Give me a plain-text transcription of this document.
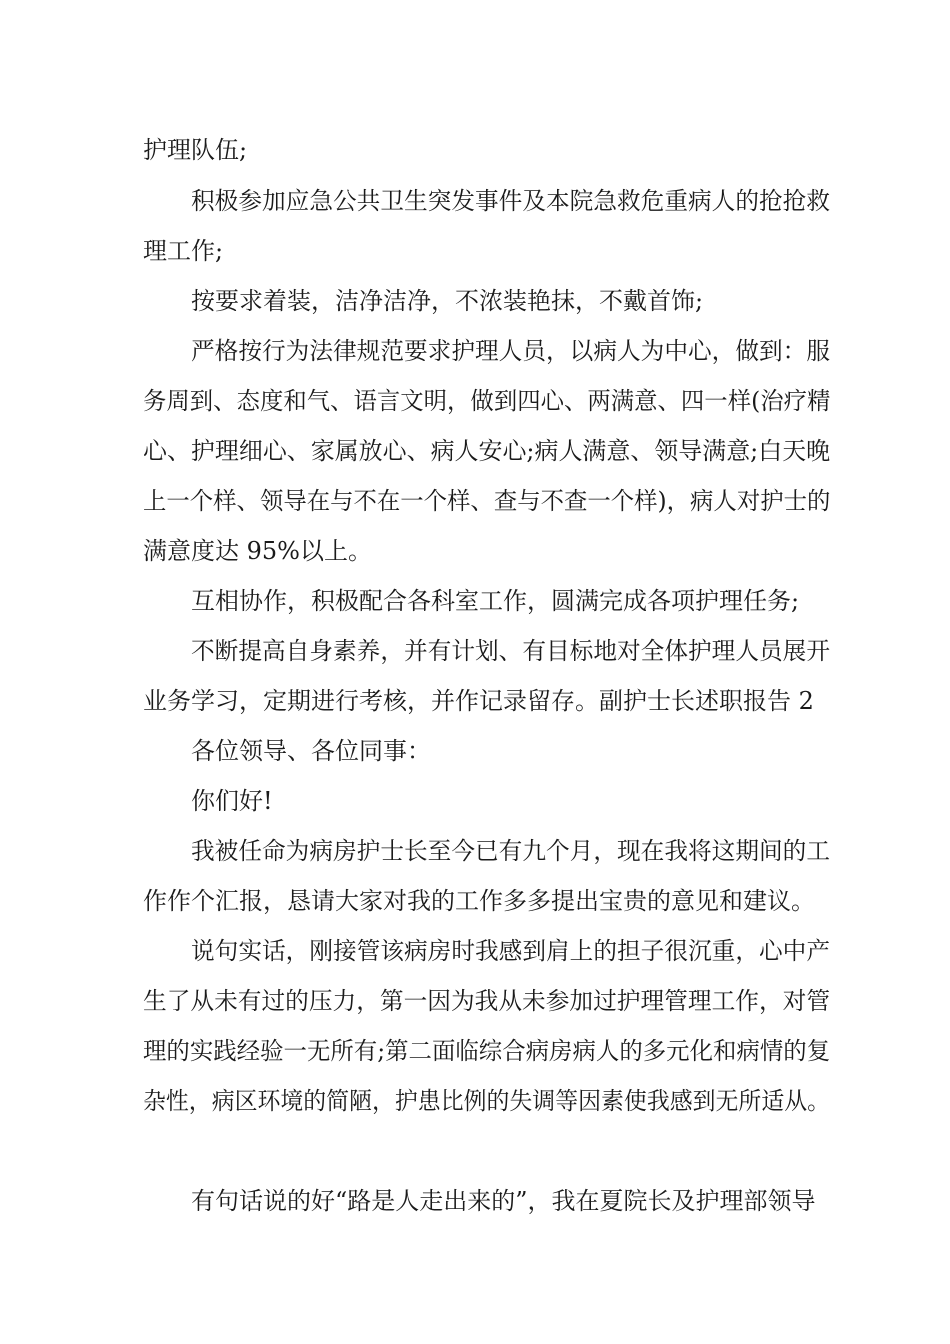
护理队伍;
积极参加应急公共卫生突发事件及本院急救危重病人的抢抢救
理工作;
按要求着装，洁净洁净，不浓装艳抹，不戴首饰;
严格按行为法律规范要求护理人员，以病人为中心，做到：服
务周到、态度和气、语言文明，做到四心、两满意、四一样(治疗精
心、护理细心、家属放心、病人安心;病人满意、领导满意;白天晚
上一个样、领导在与不在一个样、查与不查一个样)，病人对护士的
满意度达 95%以上。
互相协作，积极配合各科室工作，圆满完成各项护理任务;
不断提高自身素养，并有计划、有目标地对全体护理人员展开
业务学习，定期进行考核，并作记录留存。副护士长述职报告 2
各位领导、各位同事：
你们好!
我被任命为病房护士长至今已有九个月，现在我将这期间的工
作作个汇报，恳请大家对我的工作多多提出宝贵的意见和建议。
说句实话，刚接管该病房时我感到肩上的担子很沉重，心中产
生了从未有过的压力，第一因为我从未参加过护理管理工作，对管
理的实践经验一无所有;第二面临综合病房病人的多元化和病情的复
杂性，病区环境的简陋，护患比例的失调等因素使我感到无所适从。
有句话说的好“路是人走出来的”，我在夏院长及护理部领导
